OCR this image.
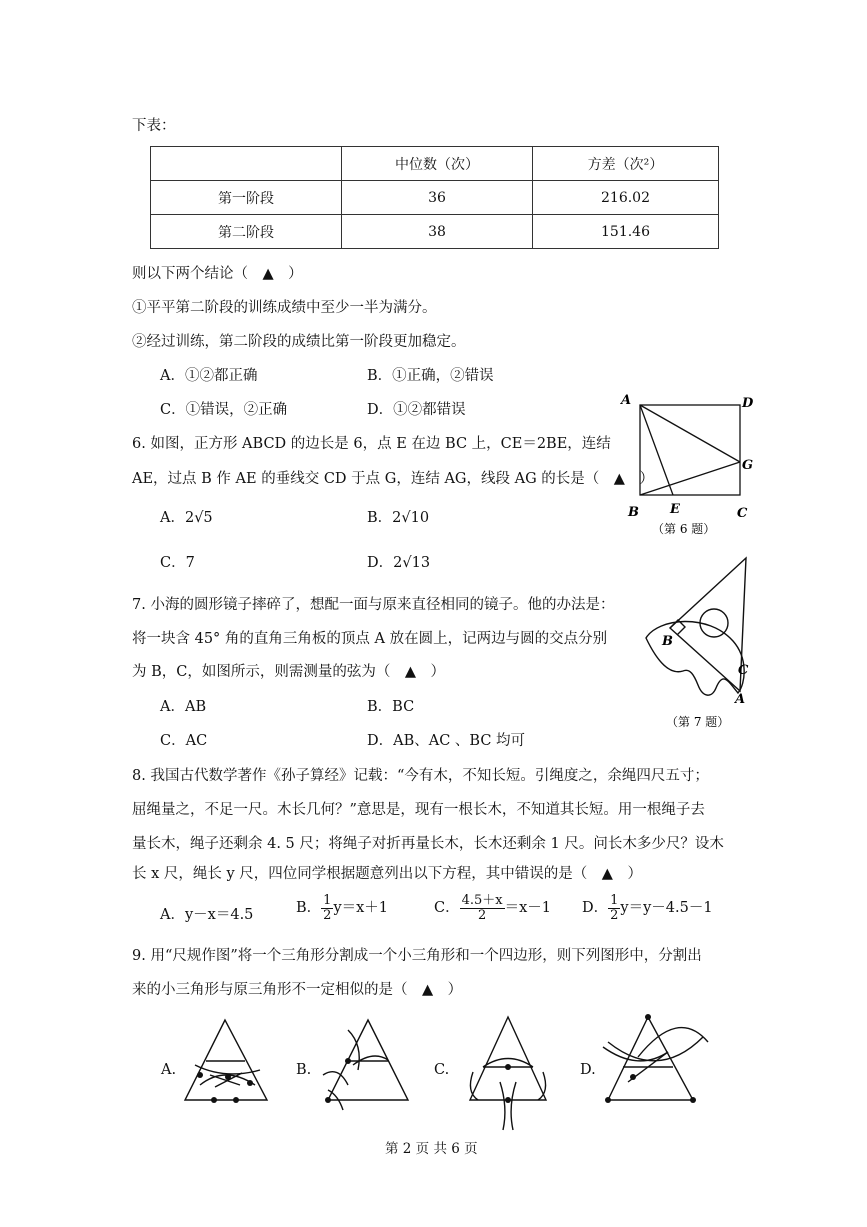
下表：
	中位数（次）	方差（次²）
第一阶段	36	216.02
第二阶段	38	151.46
则以下两个结论（　▲　）
①平平第二阶段的训练成绩中至少一半为满分。
②经过训练，第二阶段的成绩比第一阶段更加稳定。
A．①②都正确	B．①正确，②错误
C．①错误，②正确	D．①②都错误
6. 如图，正方形 ABCD 的边长是 6，点 E 在边 BC 上，CE＝2BE，连结
AE，过点 B 作 AE 的垂线交 CD 于点 G，连结 AG，线段 AG 的长是（　▲　）
A．2√5	B．2√10
C．7	D．2√13
A	D
G
B E	C
（第 6 题）
7. 小海的圆形镜子摔碎了，想配一面与原来直径相同的镜子。他的办法是：
将一块含 45° 角的直角三角板的顶点 A 放在圆上，记两边与圆的交点分别
为 B，C，如图所示，则需测量的弦为（　▲　）
A．AB	B．BC
C．AC	D．AB、AC 、BC 均可
B
C
A
（第 7 题）
8. 我国古代数学著作《孙子算经》记载：“今有木，不知长短。引绳度之，余绳四尺五寸；
屈绳量之，不足一尺。木长几何？”意思是，现有一根长木，不知道其长短。用一根绳子去
量长木，绳子还剩余 4. 5 尺；将绳子对折再量长木，长木还剩余 1 尺。问长木多少尺？设木
长 x 尺，绳长 y 尺，四位同学根据题意列出以下方程，其中错误的是（　▲　）
A．y－x＝4.5	B． $\frac{1}{2} y=x+1$	C． $\frac{4.5+x}{2} =x-1$ D． $\frac{1}{2} y=y-4.5-1$
9. 用“尺规作图”将一个三角形分割成一个小三角形和一个四边形，则下列图形中，分割出
来的小三角形与原三角形不一定相似的是（　▲　）
A.	B.	C.	D.
第 2 页 共 6 页
